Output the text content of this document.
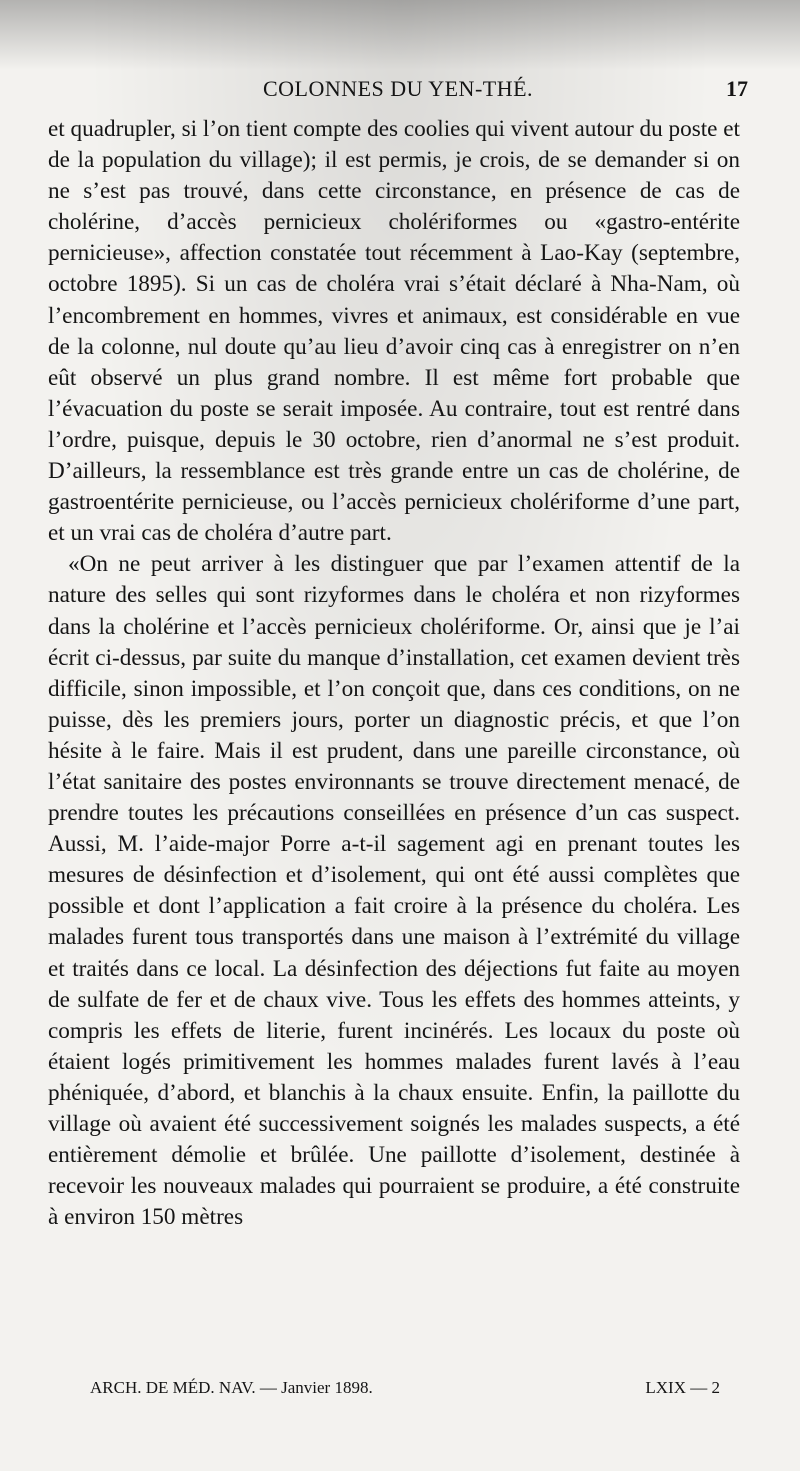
COLONNES DU YEN-THÉ.	17

et quadrupler, si l’on tient compte des coolies qui vivent autour du poste et de la population du village); il est permis, je crois, de se demander si on ne s’est pas trouvé, dans cette circonstance, en présence de cas de cholérine, d’accès pernicieux cholériformes ou «gastro-entérite pernicieuse», affection constatée tout récemment à Lao-Kay (septembre, octobre 1895). Si un cas de choléra vrai s’était déclaré à Nha-Nam, où l’encombrement en hommes, vivres et animaux, est considérable en vue de la colonne, nul doute qu’au lieu d’avoir cinq cas à enregistrer on n’en eût observé un plus grand nombre. Il est même fort probable que l’évacuation du poste se serait imposée. Au contraire, tout est rentré dans l’ordre, puisque, depuis le 30 octobre, rien d’anormal ne s’est produit. D’ailleurs, la ressemblance est très grande entre un cas de cholérine, de gastroentérite pernicieuse, ou l’accès pernicieux cholériforme d’une part, et un vrai cas de choléra d’autre part.

«On ne peut arriver à les distinguer que par l’examen attentif de la nature des selles qui sont rizyformes dans le choléra et non rizyformes dans la cholérine et l’accès pernicieux cholériforme. Or, ainsi que je l’ai écrit ci-dessus, par suite du manque d’installation, cet examen devient très difficile, sinon impossible, et l’on conçoit que, dans ces conditions, on ne puisse, dès les premiers jours, porter un diagnostic précis, et que l’on hésite à le faire. Mais il est prudent, dans une pareille circonstance, où l’état sanitaire des postes environnants se trouve directement menacé, de prendre toutes les précautions conseillées en présence d’un cas suspect. Aussi, M. l’aide-major Porre a-t-il sagement agi en prenant toutes les mesures de désinfection et d’isolement, qui ont été aussi complètes que possible et dont l’application a fait croire à la présence du choléra. Les malades furent tous transportés dans une maison à l’extrémité du village et traités dans ce local. La désinfection des déjections fut faite au moyen de sulfate de fer et de chaux vive. Tous les effets des hommes atteints, y compris les effets de literie, furent incinérés. Les locaux du poste où étaient logés primitivement les hommes malades furent lavés à l’eau phéniquée, d’abord, et blanchis à la chaux ensuite. Enfin, la paillotte du village où avaient été successivement soignés les malades suspects, a été entièrement démolie et brûlée. Une paillotte d’isolement, destinée à recevoir les nouveaux malades qui pourraient se produire, a été construite à environ 150 mètres

ARCH. DE MÉD. NAV. — Janvier 1898.	LXIX — 2
